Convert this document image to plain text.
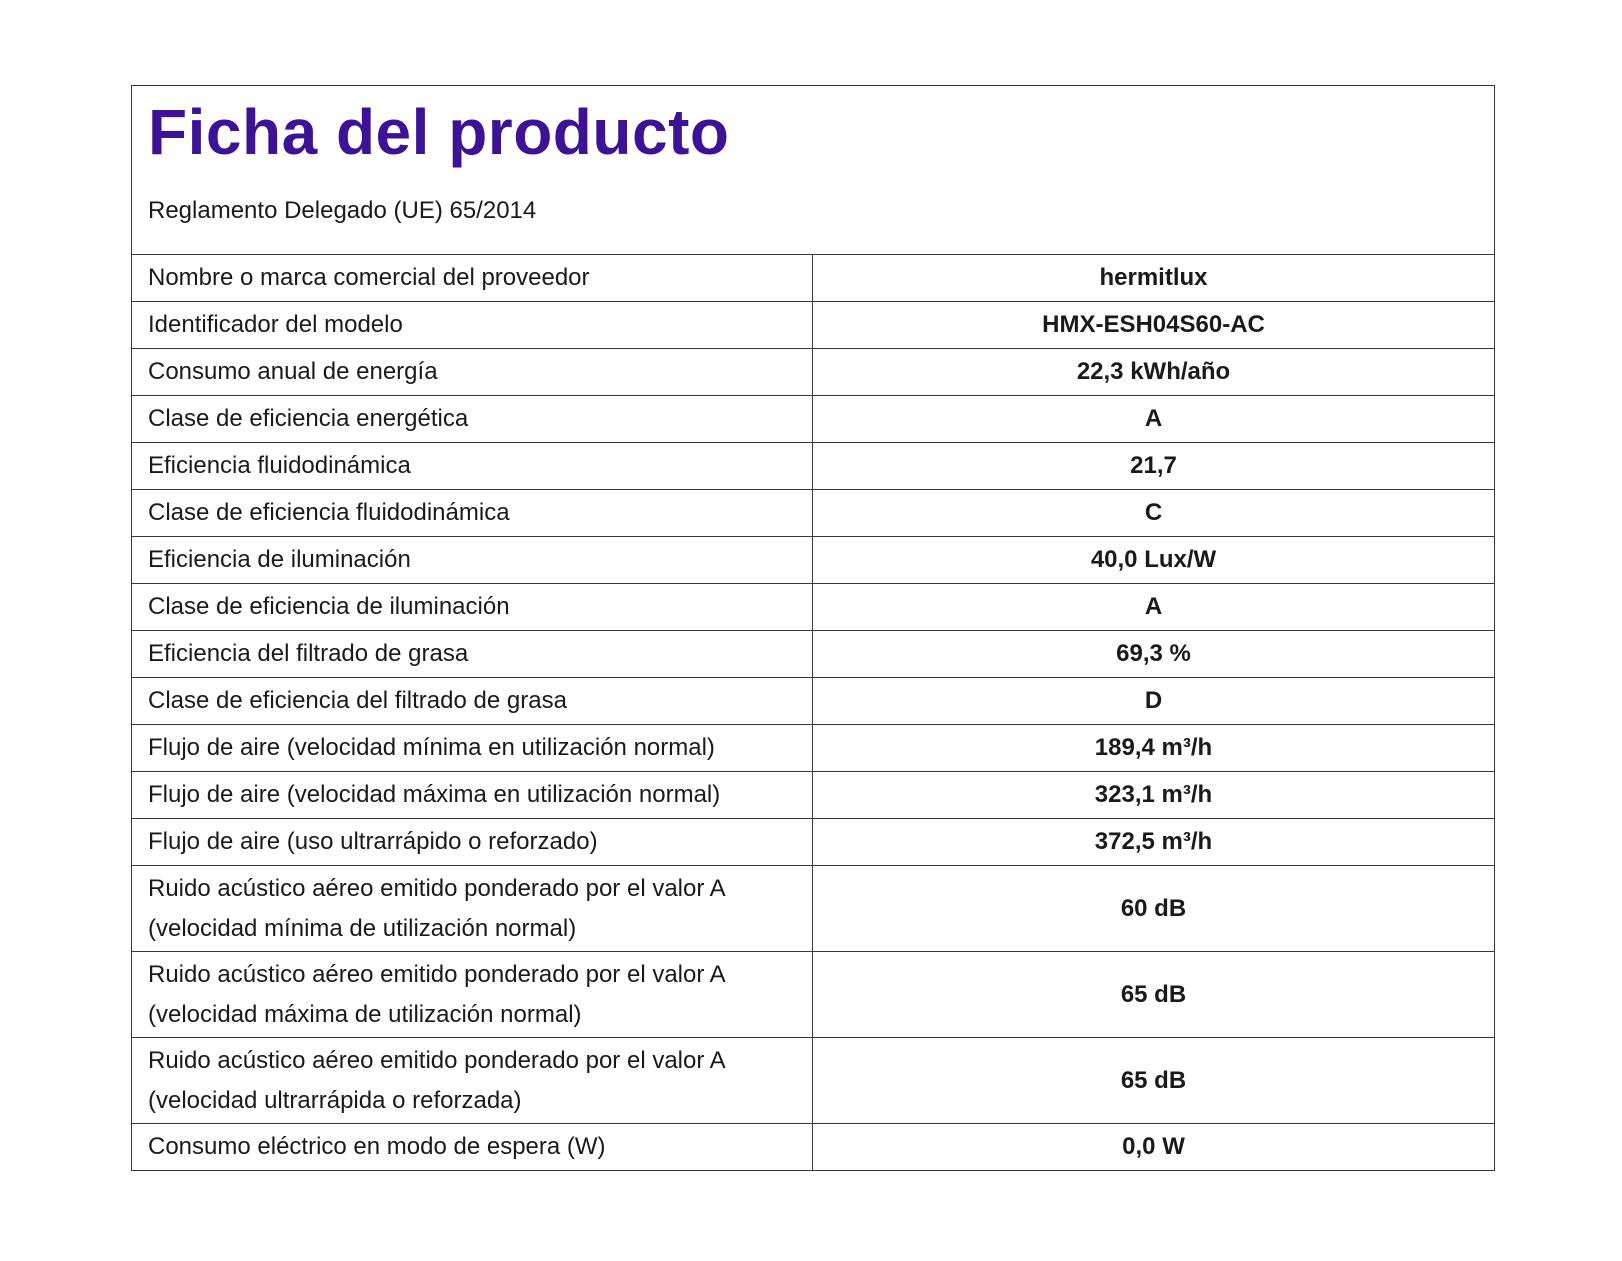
Ficha del producto
Reglamento Delegado (UE) 65/2014	

Nombre o marca comercial del proveedor	hermitlux
Identificador del modelo	HMX-ESH04S60-AC
Consumo anual de energía	22,3 kWh/año
Clase de eficiencia energética	A
Eficiencia fluidodinámica	21,7
Clase de eficiencia fluidodinámica	C
Eficiencia de iluminación	40,0 Lux/W
Clase de eficiencia de iluminación	A
Eficiencia del filtrado de grasa	69,3 %
Clase de eficiencia del filtrado de grasa	D
Flujo de aire (velocidad mínima en utilización normal)	189,4 m³/h
Flujo de aire (velocidad máxima en utilización normal)	323,1 m³/h
Flujo de aire (uso ultrarrápido o reforzado)	372,5 m³/h

Ruido acústico aéreo emitido ponderado por el valor A
(velocidad mínima de utilización normal)	60 dB

Ruido acústico aéreo emitido ponderado por el valor A
(velocidad máxima de utilización normal)	65 dB

Ruido acústico aéreo emitido ponderado por el valor A
(velocidad ultrarrápida o reforzada)	65 dB
Consumo eléctrico en modo de espera (W)	0,0 W
